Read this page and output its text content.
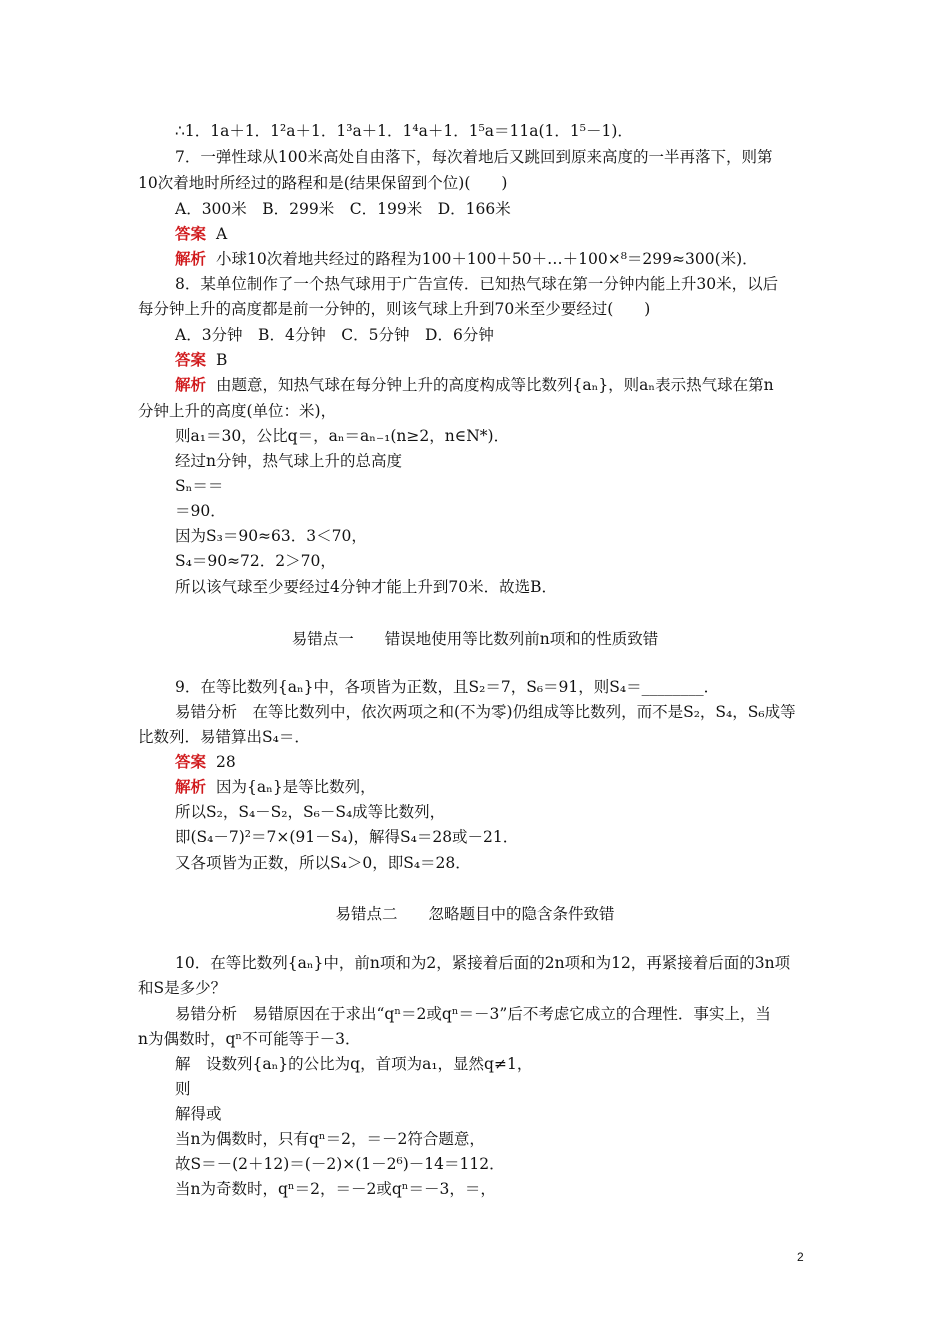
∴1．1a＋1．1²a＋1．1³a＋1．1⁴a＋1．1⁵a＝11a(1．1⁵－1)．
7．一弹性球从100米高处自由落下，每次着地后又跳回到原来高度的一半再落下，则第
10次着地时所经过的路程和是(结果保留到个位)(　　)
A．300米　B．299米　C．199米　D．166米
答案 A
解析 小球10次着地共经过的路程为100＋100＋50＋…＋100×⁸＝299≈300(米)．
8．某单位制作了一个热气球用于广告宣传．已知热气球在第一分钟内能上升30米，以后
每分钟上升的高度都是前一分钟的，则该气球上升到70米至少要经过(　　)
A．3分钟　B．4分钟　C．5分钟　D．6分钟
答案 B
解析 由题意，知热气球在每分钟上升的高度构成等比数列{aₙ}，则aₙ表示热气球在第n
分钟上升的高度(单位：米)，
则a₁＝30，公比q＝，aₙ＝aₙ₋₁(n≥2，n∈N*)．
经过n分钟，热气球上升的总高度
Sₙ＝＝
＝90．
因为S₃＝90≈63．3＜70，
S₄＝90≈72．2＞70，
所以该气球至少要经过4分钟才能上升到70米．故选B．
易错点一　　错误地使用等比数列前n项和的性质致错
9．在等比数列{aₙ}中，各项皆为正数，且S₂＝7，S₆＝91，则S₄＝________．
易错分析　在等比数列中，依次两项之和(不为零)仍组成等比数列，而不是S₂，S₄，S₆成等
比数列．易错算出S₄＝．
答案 28
解析 因为{aₙ}是等比数列，
所以S₂，S₄－S₂，S₆－S₄成等比数列，
即(S₄－7)²＝7×(91－S₄)，解得S₄＝28或－21．
又各项皆为正数，所以S₄＞0，即S₄＝28．
易错点二　　忽略题目中的隐含条件致错
10．在等比数列{aₙ}中，前n项和为2，紧接着后面的2n项和为12，再紧接着后面的3n项
和S是多少？
易错分析　易错原因在于求出“qⁿ＝2或qⁿ＝－3”后不考虑它成立的合理性．事实上，当
n为偶数时，qⁿ不可能等于－3．
解　设数列{aₙ}的公比为q，首项为a₁，显然q≠1，
则
解得或
当n为偶数时，只有qⁿ＝2，＝－2符合题意，
故S＝－(2＋12)＝(－2)×(1－2⁶)－14＝112．
当n为奇数时，qⁿ＝2，＝－2或qⁿ＝－3，＝，
2
